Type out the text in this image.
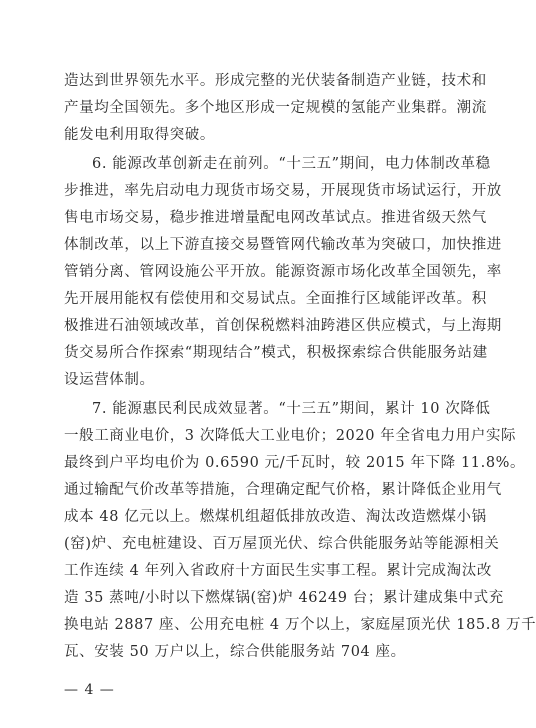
造达到世界领先水平。形成完整的光伏装备制造产业链，技术和
产量均全国领先。多个地区形成一定规模的氢能产业集群。潮流
能发电利用取得突破。
6. 能源改革创新走在前列。“十三五”期间，电力体制改革稳
步推进，率先启动电力现货市场交易，开展现货市场试运行，开放
售电市场交易，稳步推进增量配电网改革试点。推进省级天然气
体制改革，以上下游直接交易暨管网代输改革为突破口，加快推进
管销分离、管网设施公平开放。能源资源市场化改革全国领先，率
先开展用能权有偿使用和交易试点。全面推行区域能评改革。积
极推进石油领域改革，首创保税燃料油跨港区供应模式，与上海期
货交易所合作探索“期现结合”模式，积极探索综合供能服务站建
设运营体制。
7. 能源惠民利民成效显著。“十三五”期间，累计 10 次降低
一般工商业电价，3 次降低大工业电价；2020 年全省电力用户实际
最终到户平均电价为 0.6590 元/千瓦时，较 2015 年下降 11.8%。
通过输配气价改革等措施，合理确定配气价格，累计降低企业用气
成本 48 亿元以上。燃煤机组超低排放改造、淘汰改造燃煤小锅
(窑)炉、充电桩建设、百万屋顶光伏、综合供能服务站等能源相关
工作连续 4 年列入省政府十方面民生实事工程。累计完成淘汰改
造 35 蒸吨/小时以下燃煤锅(窑)炉 46249 台；累计建成集中式充
换电站 2887 座、公用充电桩 4 万个以上，家庭屋顶光伏 185.8 万千
瓦、安装 50 万户以上，综合供能服务站 704 座。
— 4 —
